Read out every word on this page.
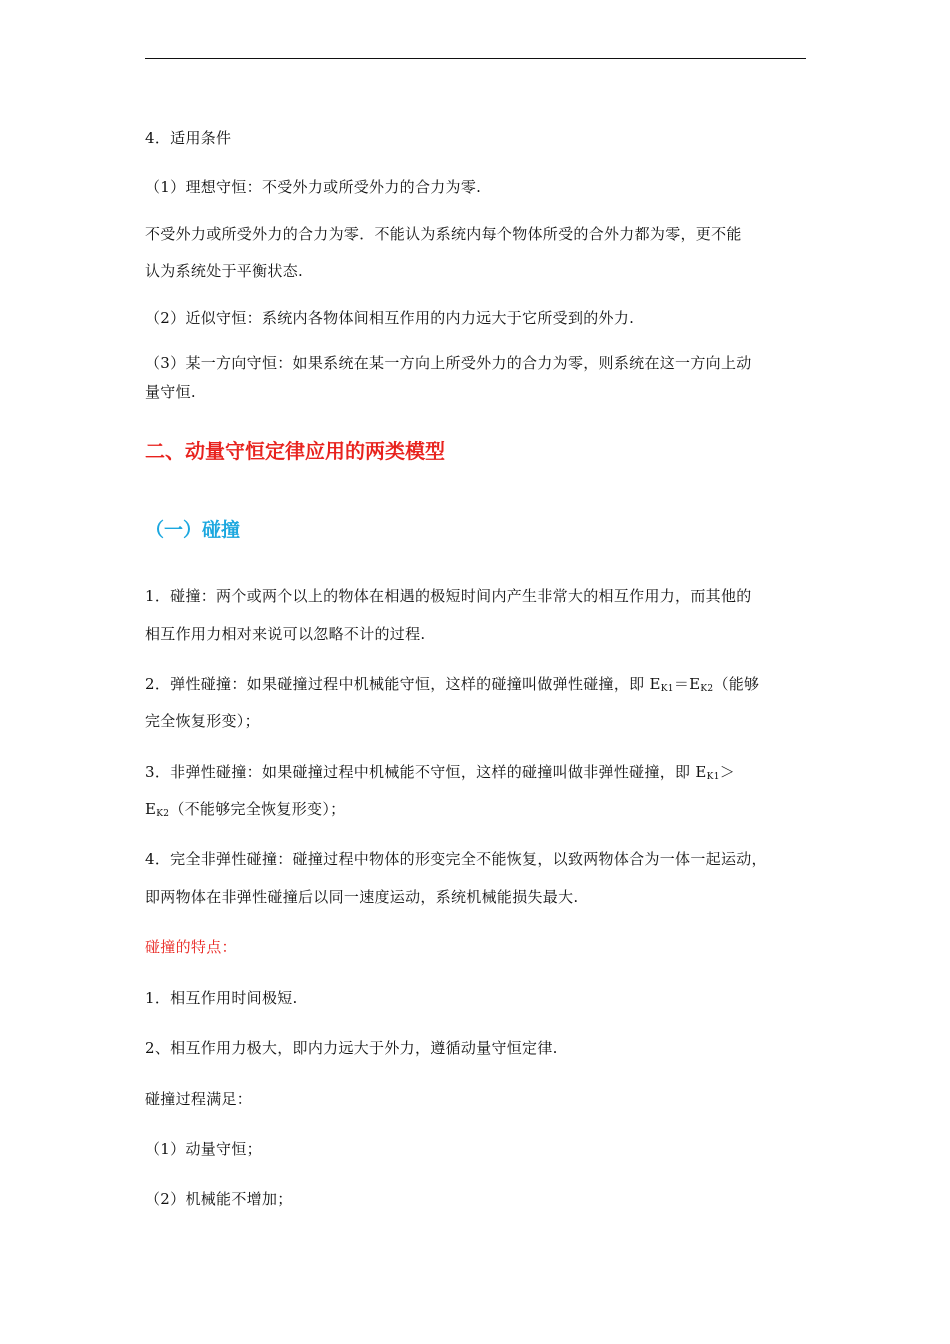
4．适用条件
（1）理想守恒：不受外力或所受外力的合力为零.
不受外力或所受外力的合力为零．不能认为系统内每个物体所受的合外力都为零，更不能
认为系统处于平衡状态.
（2）近似守恒：系统内各物体间相互作用的内力远大于它所受到的外力.
（3）某一方向守恒：如果系统在某一方向上所受外力的合力为零，则系统在这一方向上动
量守恒.
二、动量守恒定律应用的两类模型
（一）碰撞
1．碰撞：两个或两个以上的物体在相遇的极短时间内产生非常大的相互作用力，而其他的
相互作用力相对来说可以忽略不计的过程.
2．弹性碰撞：如果碰撞过程中机械能守恒，这样的碰撞叫做弹性碰撞，即 $E_{K1}=E_{K2}$（能够
完全恢复形变）；
3．非弹性碰撞：如果碰撞过程中机械能不守恒，这样的碰撞叫做非弹性碰撞，即 $E_{K1}>$
$E_{K2}$（不能够完全恢复形变）；
4．完全非弹性碰撞：碰撞过程中物体的形变完全不能恢复，以致两物体合为一体一起运动，
即两物体在非弹性碰撞后以同一速度运动，系统机械能损失最大.
碰撞的特点：
1．相互作用时间极短.
2、相互作用力极大，即内力远大于外力，遵循动量守恒定律.
碰撞过程满足：
（1）动量守恒；
（2）机械能不增加；
